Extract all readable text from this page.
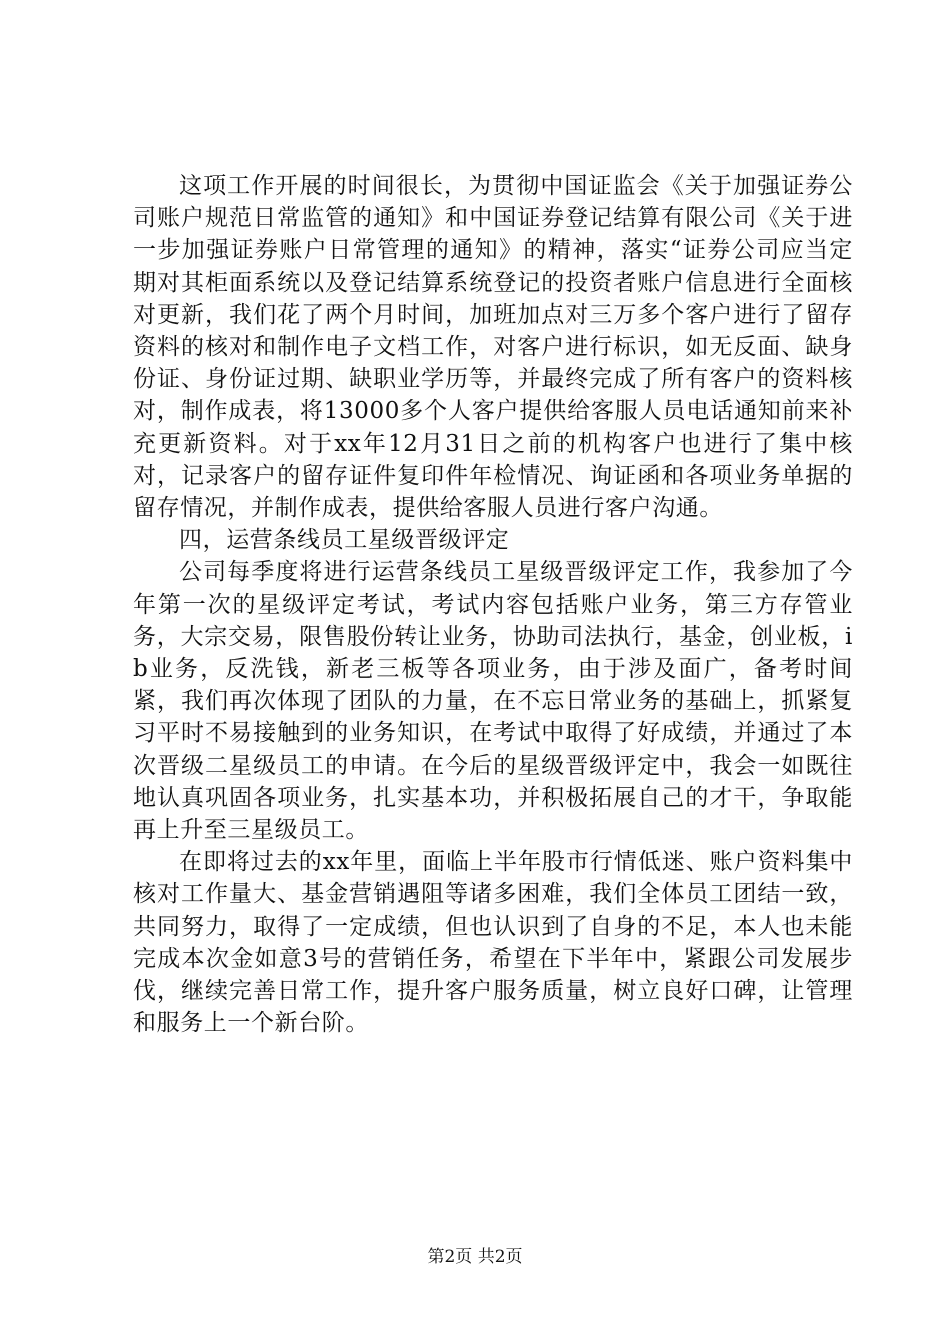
这项工作开展的时间很长，为贯彻中国证监会《关于加强证券公司账户规范日常监管的通知》和中国证券登记结算有限公司《关于进一步加强证券账户日常管理的通知》的精神，落实“证券公司应当定期对其柜面系统以及登记结算系统登记的投资者账户信息进行全面核对更新，我们花了两个月时间，加班加点对三万多个客户进行了留存资料的核对和制作电子文档工作，对客户进行标识，如无反面、缺身份证、身份证过期、缺职业学历等，并最终完成了所有客户的资料核对，制作成表，将13000多个人客户提供给客服人员电话通知前来补充更新资料。对于xx年12月31日之前的机构客户也进行了集中核对，记录客户的留存证件复印件年检情况、询证函和各项业务单据的留存情况，并制作成表，提供给客服人员进行客户沟通。

四，运营条线员工星级晋级评定

公司每季度将进行运营条线员工星级晋级评定工作，我参加了今年第一次的星级评定考试，考试内容包括账户业务，第三方存管业务，大宗交易，限售股份转让业务，协助司法执行，基金，创业板，ib业务，反洗钱，新老三板等各项业务，由于涉及面广，备考时间紧，我们再次体现了团队的力量，在不忘日常业务的基础上，抓紧复习平时不易接触到的业务知识，在考试中取得了好成绩，并通过了本次晋级二星级员工的申请。在今后的星级晋级评定中，我会一如既往地认真巩固各项业务，扎实基本功，并积极拓展自己的才干，争取能再上升至三星级员工。

在即将过去的xx年里，面临上半年股市行情低迷、账户资料集中核对工作量大、基金营销遇阻等诸多困难，我们全体员工团结一致，共同努力，取得了一定成绩，但也认识到了自身的不足，本人也未能完成本次金如意3号的营销任务，希望在下半年中，紧跟公司发展步伐，继续完善日常工作，提升客户服务质量，树立良好口碑，让管理和服务上一个新台阶。

第2页 共2页
